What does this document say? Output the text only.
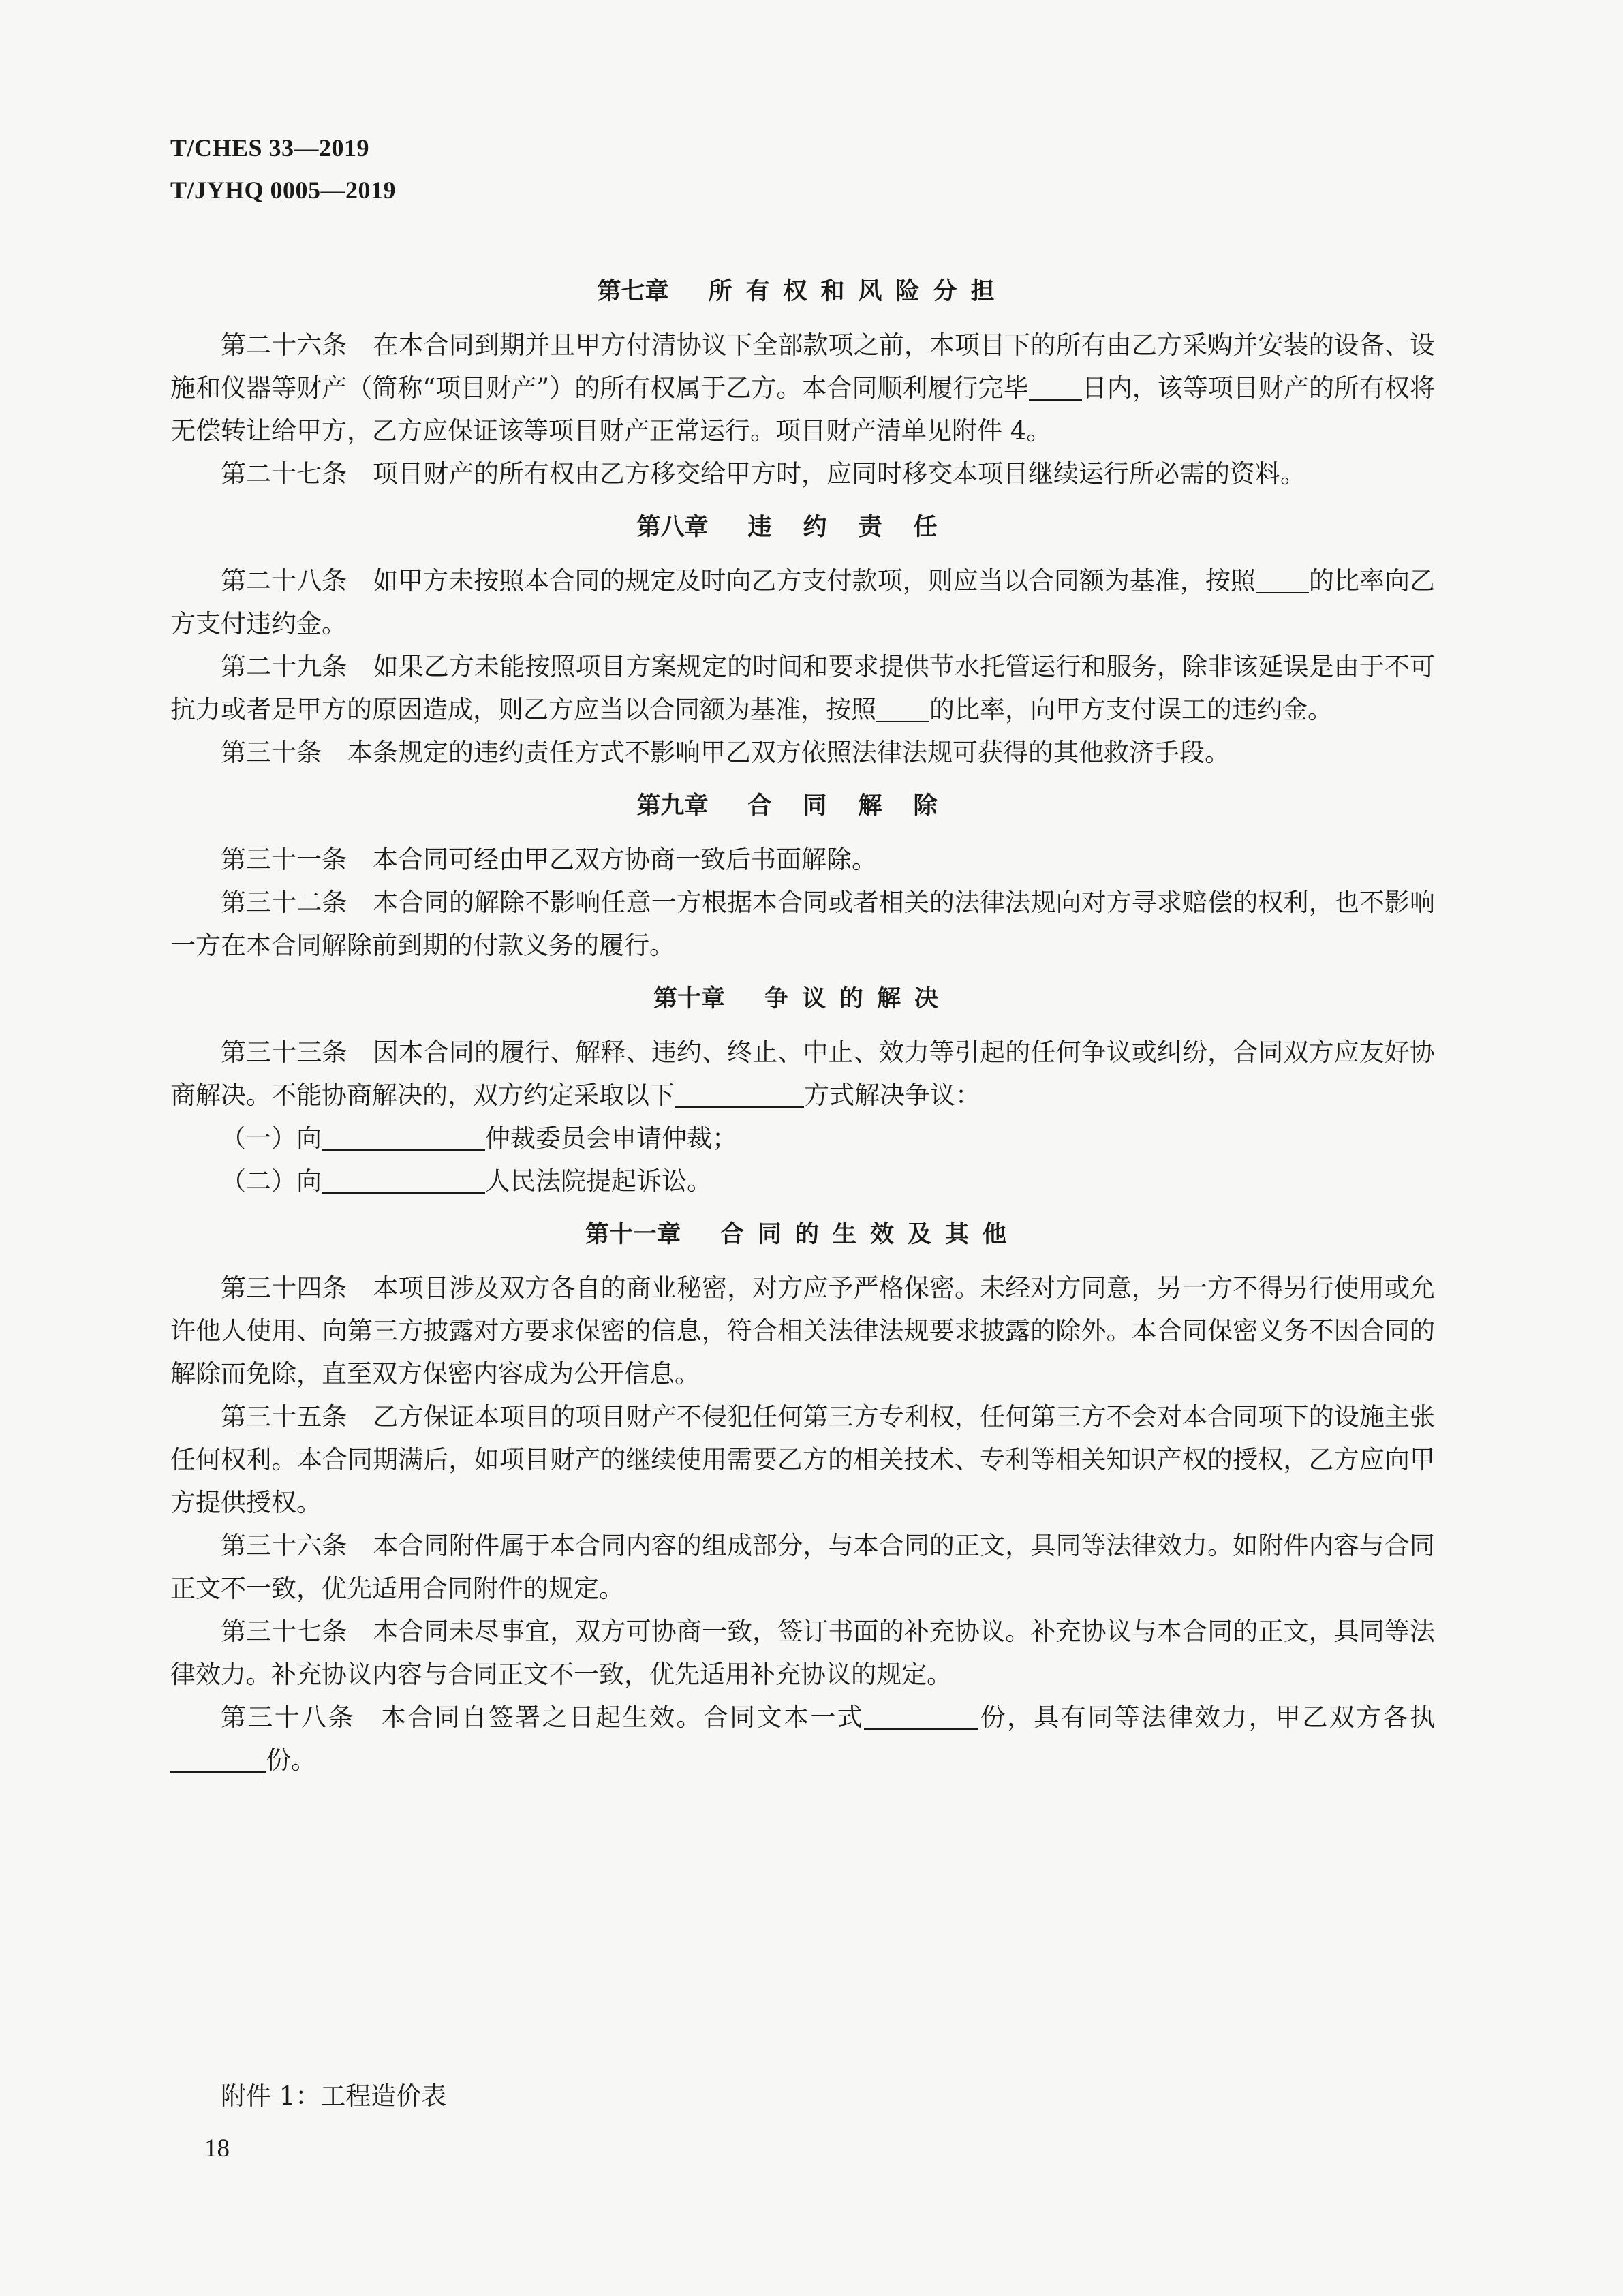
T/CHES 33—2019
T/JYHQ 0005—2019
第七章 所有权和风险分担

第二十六条 在本合同到期并且甲方付清协议下全部款项之前，本项目下的所有由乙方采购并安装的设备、设施和仪器等财产（简称“项目财产”）的所有权属于乙方。本合同顺利履行完毕 日内，该等项目财产的所有权将无偿转让给甲方，乙方应保证该等项目财产正常运行。项目财产清单见附件 4。

第二十七条 项目财产的所有权由乙方移交给甲方时，应同时移交本项目继续运行所必需的资料。

第八章 违约责任

第二十八条 如甲方未按照本合同的规定及时向乙方支付款项，则应当以合同额为基准，按照 的比率向乙方支付违约金。

第二十九条 如果乙方未能按照项目方案规定的时间和要求提供节水托管运行和服务，除非该延误是由于不可抗力或者是甲方的原因造成，则乙方应当以合同额为基准，按照 的比率，向甲方支付误工的违约金。

第三十条 本条规定的违约责任方式不影响甲乙双方依照法律法规可获得的其他救济手段。

第九章 合同解除

第三十一条 本合同可经由甲乙双方协商一致后书面解除。

第三十二条 本合同的解除不影响任意一方根据本合同或者相关的法律法规向对方寻求赔偿的权利，也不影响一方在本合同解除前到期的付款义务的履行。

第十章 争议的解决

第三十三条 因本合同的履行、解释、违约、终止、中止、效力等引起的任何争议或纠纷，合同双方应友好协商解决。不能协商解决的，双方约定采取以下	方式解决争议：

（一）向	仲裁委员会申请仲裁；

（二）向	人民法院提起诉讼。

第十一章 合同的生效及其他

第三十四条 本项目涉及双方各自的商业秘密，对方应予严格保密。未经对方同意，另一方不得另行使用或允许他人使用、向第三方披露对方要求保密的信息，符合相关法律法规要求披露的除外。本合同保密义务不因合同的解除而免除，直至双方保密内容成为公开信息。

第三十五条 乙方保证本项目的项目财产不侵犯任何第三方专利权，任何第三方不会对本合同项下的设施主张任何权利。本合同期满后，如项目财产的继续使用需要乙方的相关技术、专利等相关知识产权的授权，乙方应向甲方提供授权。

第三十六条 本合同附件属于本合同内容的组成部分，与本合同的正文，具同等法律效力。如附件内容与合同正文不一致，优先适用合同附件的规定。

第三十七条 本合同未尽事宜，双方可协商一致，签订书面的补充协议。补充协议与本合同的正文，具同等法律效力。补充协议内容与合同正文不一致，优先适用补充协议的规定。

第三十八条 本合同自签署之日起生效。合同文本一式	份，具有同等法律效力，甲乙双方各执份。

附件 1：工程造价表
18
